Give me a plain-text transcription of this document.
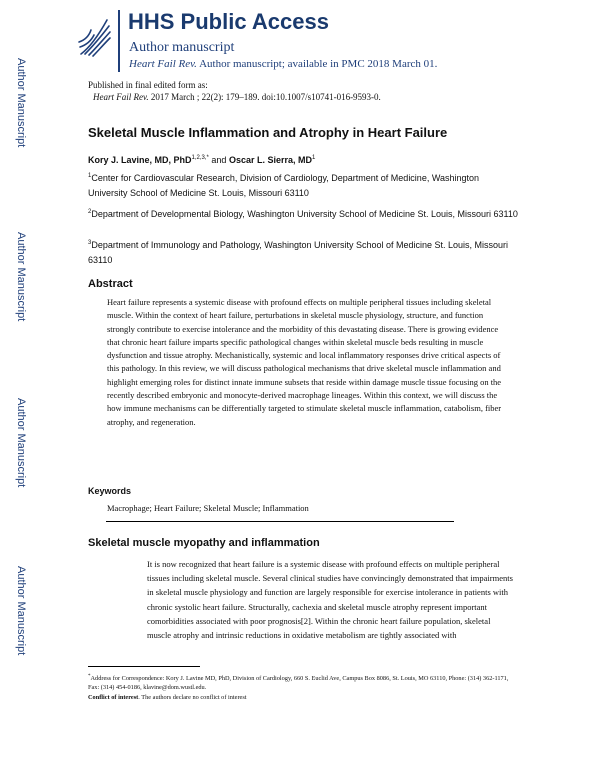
Author Manuscript
Author Manuscript
Author Manuscript
Author Manuscript
HHS Public Access
Author manuscript
Heart Fail Rev. Author manuscript; available in PMC 2018 March 01.
Published in final edited form as:
Heart Fail Rev. 2017 March ; 22(2): 179–189. doi:10.1007/s10741-016-9593-0.
Skeletal Muscle Inflammation and Atrophy in Heart Failure
Kory J. Lavine, MD, PhD$^{1,2,3,*}$ and Oscar L. Sierra, $MD^1$
$^1$Center for Cardiovascular Research, Division of Cardiology, Department of Medicine, Washington University School of Medicine St. Louis, Missouri 63110
$^2$Department of Developmental Biology, Washington University School of Medicine St. Louis, Missouri 63110
$^3$Department of Immunology and Pathology, Washington University School of Medicine St. Louis, Missouri 63110
Abstract
Heart failure represents a systemic disease with profound effects on multiple peripheral tissues including skeletal muscle. Within the context of heart failure, perturbations in skeletal muscle physiology, structure, and function strongly contribute to exercise intolerance and the morbidity of this devastating disease. There is growing evidence that chronic heart failure imparts specific pathological changes within skeletal muscle beds resulting in muscle dysfunction and tissue atrophy. Mechanistically, systemic and local inflammatory responses drive critical aspects of this pathology. In this review, we will discuss pathological mechanisms that drive skeletal muscle inflammation and highlight emerging roles for distinct innate immune subsets that reside within damage muscle tissue focusing on the recently described embryonic and monocyte-derived macrophage lineages. Within this context, we will discuss the how immune mechanisms can be differentially targeted to stimulate skeletal muscle inflammation, catabolism, fiber atrophy, and regeneration.
Keywords
Macrophage; Heart Failure; Skeletal Muscle; Inflammation
Skeletal muscle myopathy and inflammation
It is now recognized that heart failure is a systemic disease with profound effects on multiple peripheral tissues including skeletal muscle. Several clinical studies have convincingly demonstrated that impairments in skeletal muscle physiology and function are largely responsible for exercise intolerance in patients with chronic systolic heart failure. Structurally, cachexia and skeletal muscle atrophy represent important comorbidities associated with poor prognosis[2]. Within the chronic heart failure population, skeletal muscle atrophy and intrinsic reductions in oxidative metabolism are tightly associated with
*Address for Correspondence: Kory J. Lavine MD, PhD, Division of Cardiology, 660 S. Euclid Ave, Campus Box 8086, St. Louis, MO 63110, Phone: (314) 362-1171, Fax: (314) 454-0186, klavine@dom.wustl.edu.
Conflict of interest. The authors declare no conflict of interest
